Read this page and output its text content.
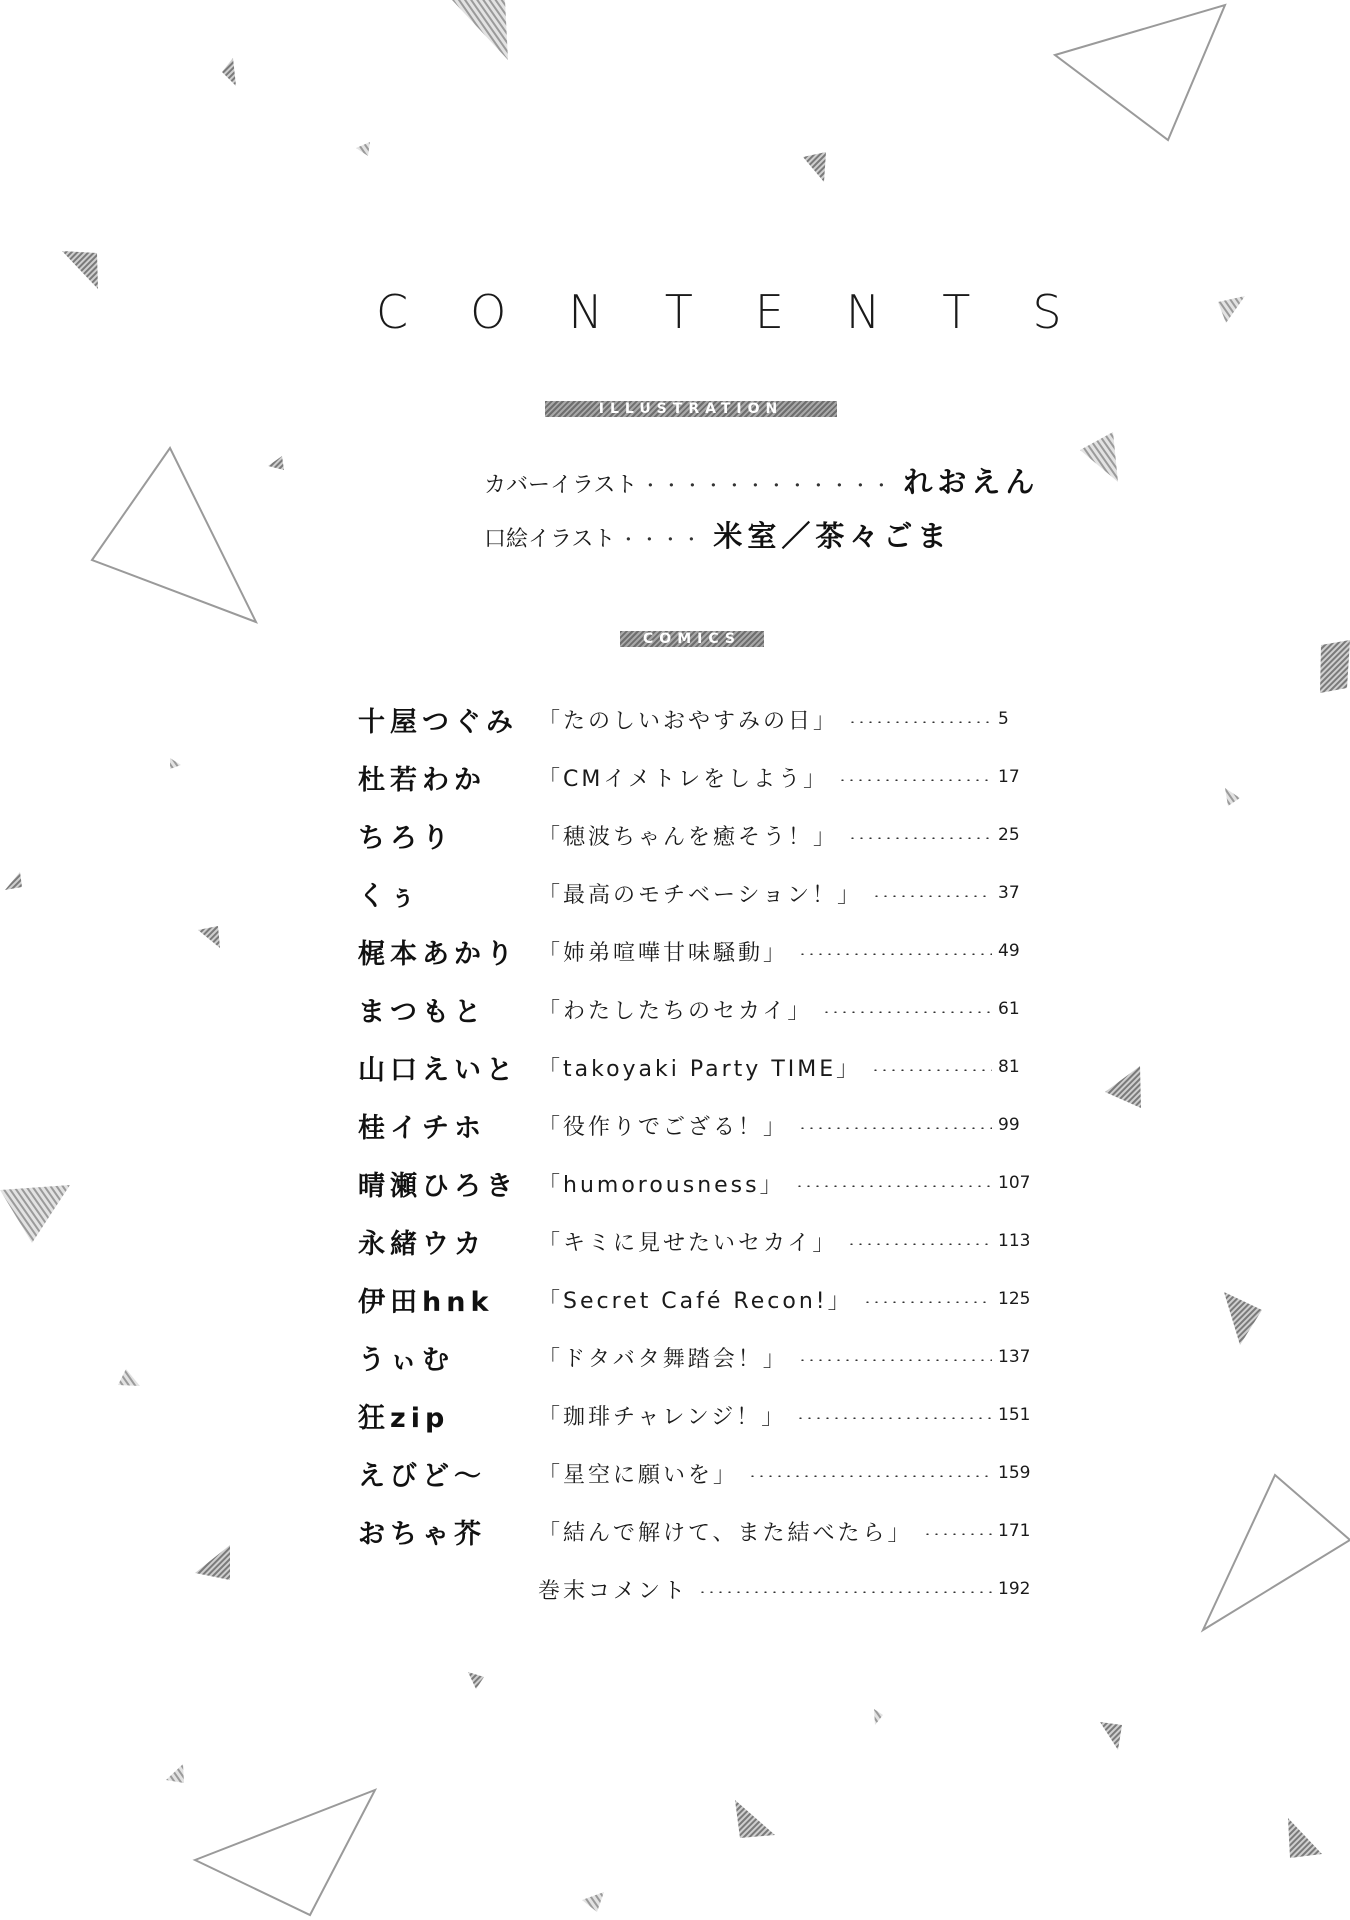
CONTENTS
ILLUSTRATION
カバーイラスト ・・・・・・・・・・・・ れおえん
口絵イラスト ・・・・ 米室／茶々ごま
COMICS
十屋つぐみ 「たのしいおやすみの日」	5
杜若わか	「CMイメトレをしよう」	17
ちろり	「穂波ちゃんを癒そう！」	25
くぅ	「最高のモチベーション！」	37
梶本あかり 「姉弟喧嘩甘味騒動」	49
まつもと	「わたしたちのセカイ」	61
山口えいと 「takoyaki Party TIME」	81
桂イチホ	「役作りでござる！」	99
晴瀬ひろき 「humorousness」	107
永緒ウカ	「キミに見せたいセカイ」	113
伊田hnk	「Secret Café Recon!」	125
うぃむ	「ドタバタ舞踏会！」	137
狂zip	「珈琲チャレンジ！」	151
えびど～	「星空に願いを」	159
おちゃ芥	「結んで解けて、また結べたら」	171
巻末コメント	192
